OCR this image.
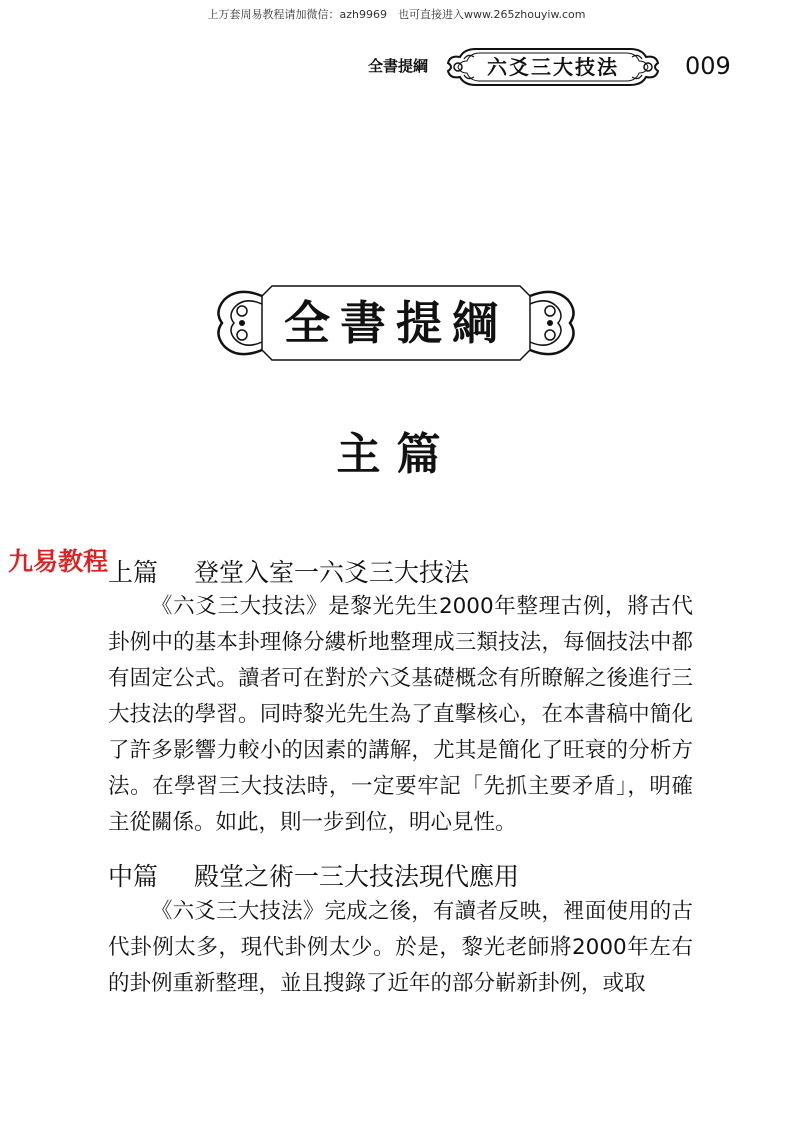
上万套周易教程请加微信：azh9969　也可直接进入www.265zhouyiw.com
全書提綱	六爻三大技法	009
全書提綱
主篇
九易教程 上篇 登堂入室一六爻三大技法

《六爻三大技法》是黎光先生2000年整理古例，將古代卦例中的基本卦理條分縷析地整理成三類技法，每個技法中都有固定公式。讀者可在對於六爻基礎概念有所瞭解之後進行三大技法的學習。同時黎光先生為了直擊核心，在本書稿中簡化了許多影響力較小的因素的講解，尤其是簡化了旺衰的分析方法。在學習三大技法時，一定要牢記「先抓主要矛盾」，明確主從關係。如此，則一步到位，明心見性。

中篇 殿堂之術一三大技法現代應用

《六爻三大技法》完成之後，有讀者反映，裡面使用的古代卦例太多，現代卦例太少。於是，黎光老師將2000年左右的卦例重新整理，並且搜錄了近年的部分嶄新卦例，或取
